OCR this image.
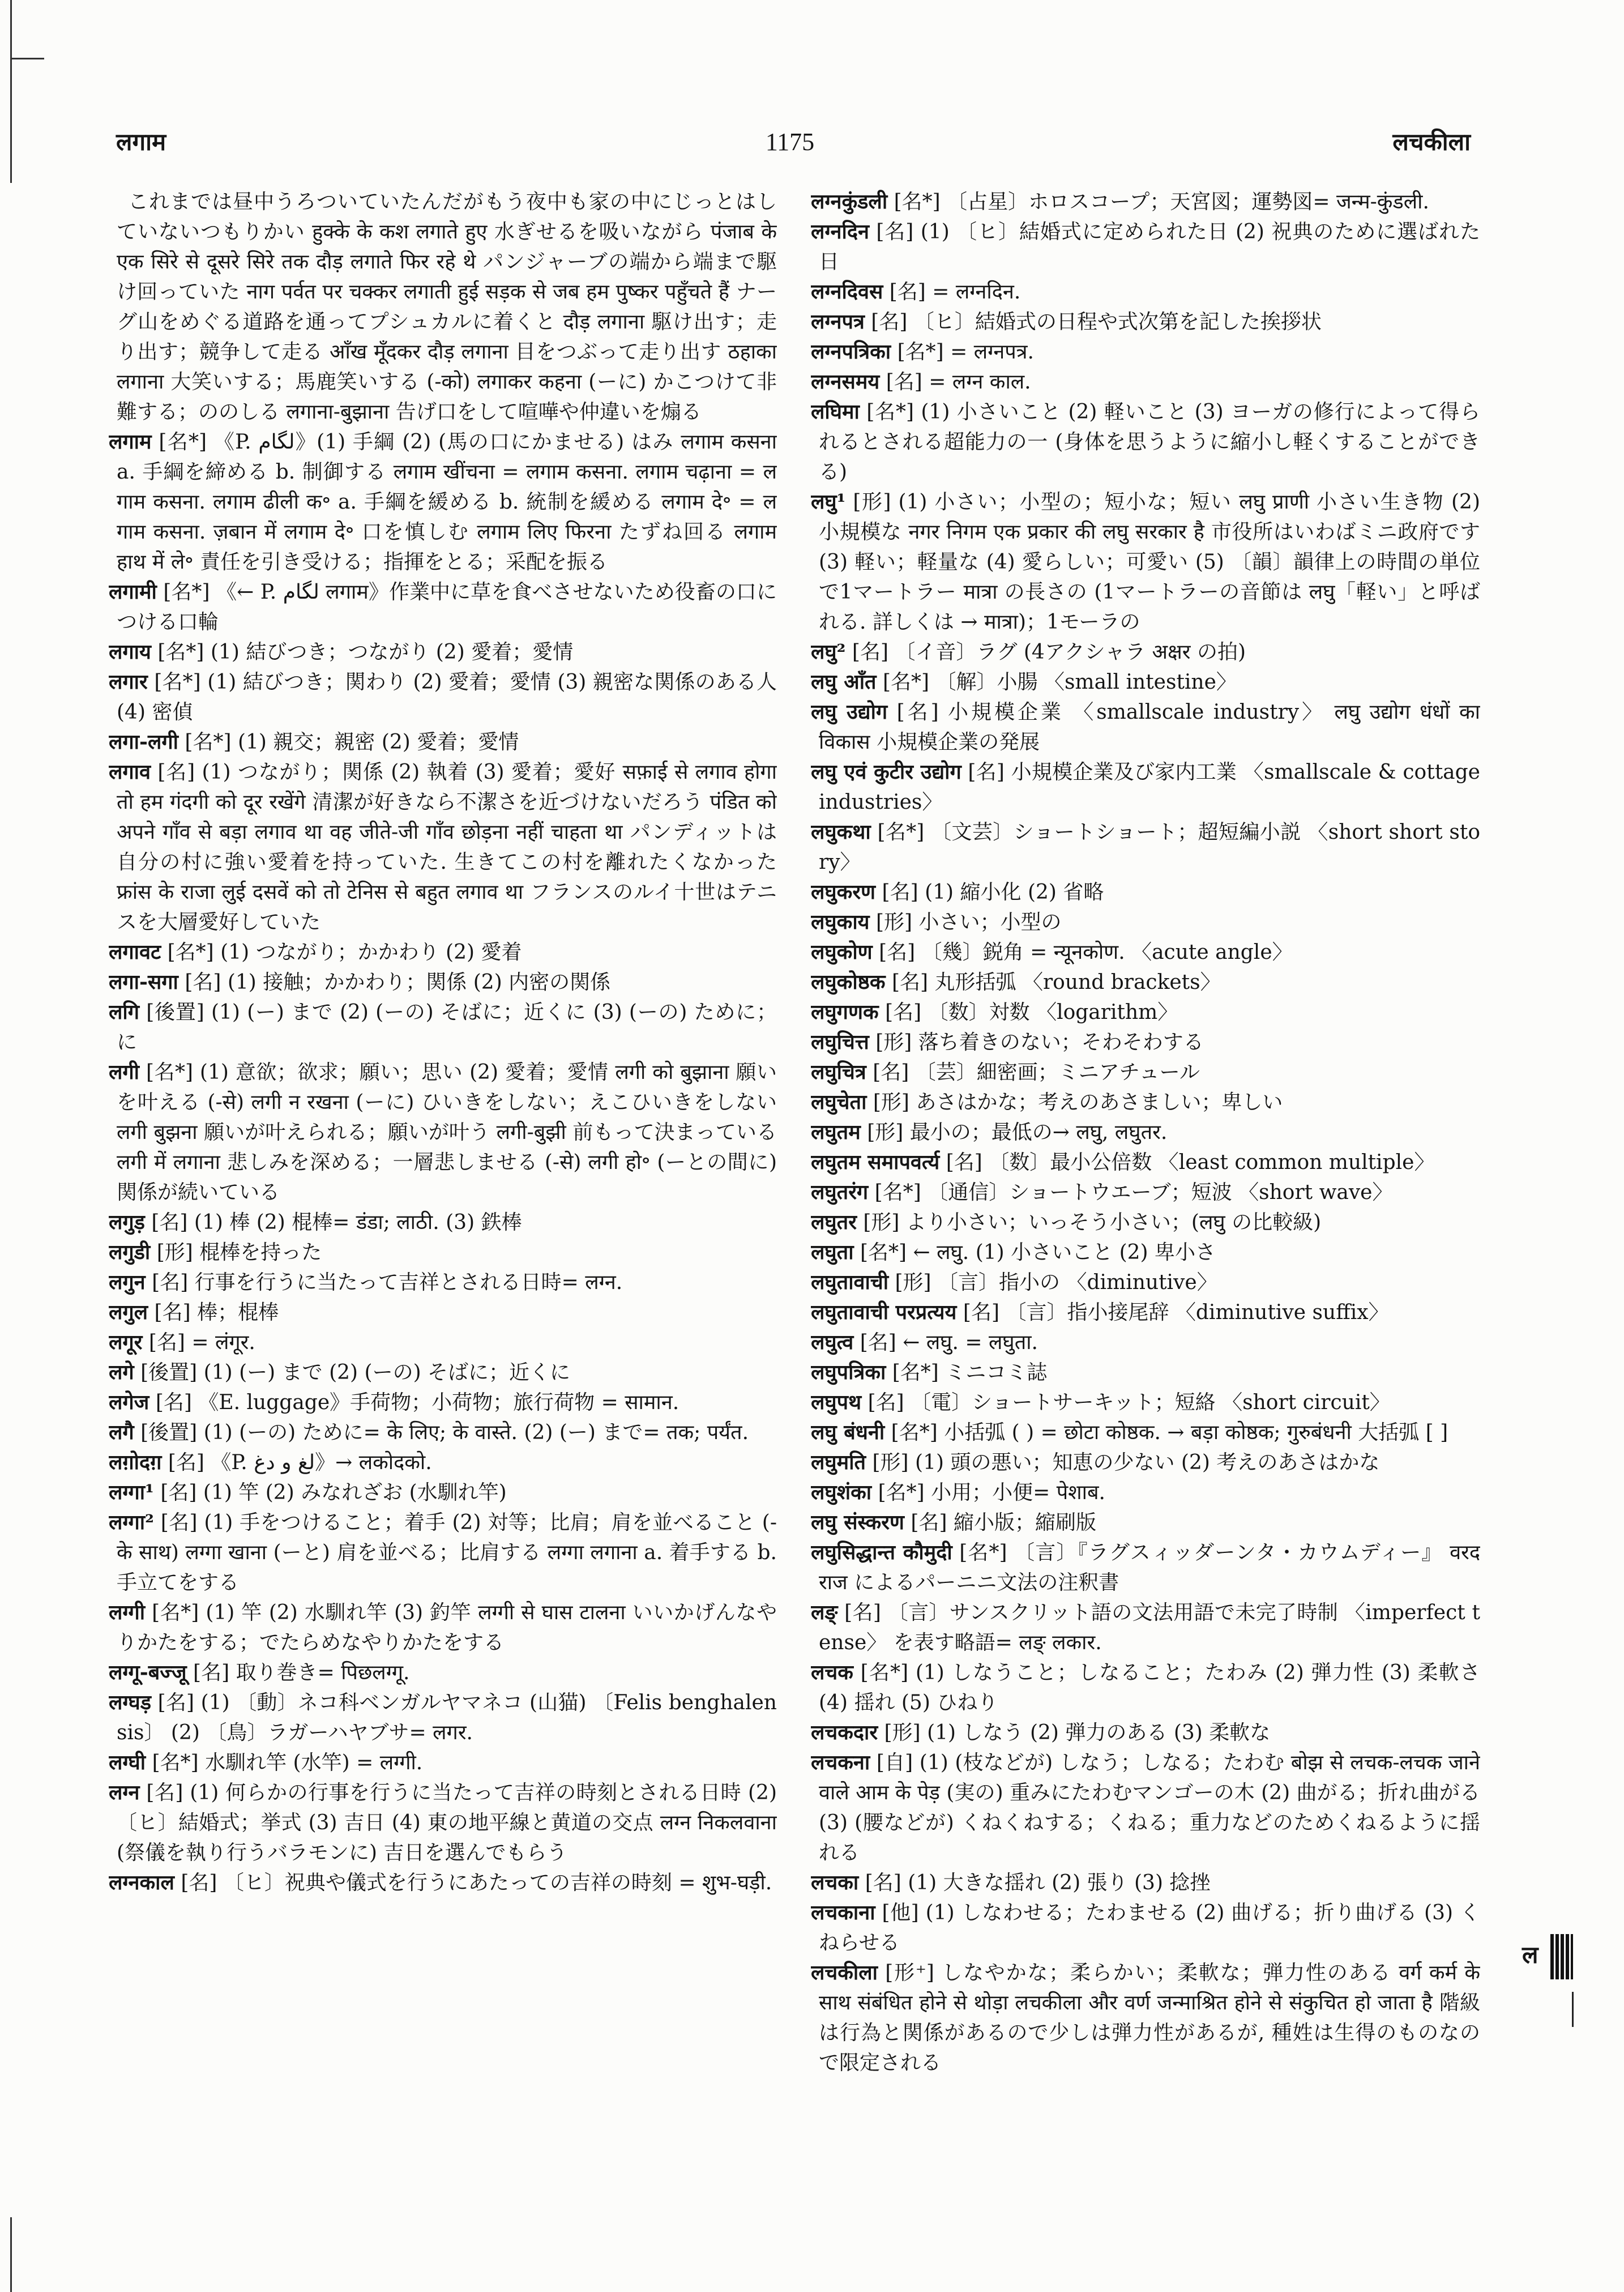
लगाम	1175	लचकीला

これまでは昼中うろついていたんだがもう夜中も家の中にじっとはしていないつもりかい हुक्के के कश लगाते हुए 水ぎせるを吸いながら पंजाब के एक सिरे से दूसरे सिरे तक दौड़ लगाते फिर रहे थे パンジャーブの端から端まで駆け回っていた नाग पर्वत पर चक्कर लगाती हुई सड़क से जब हम पुष्कर पहुँचते हैं ナーグ山をめぐる道路を通ってプシュカルに着くと दौड़ लगाना 駆け出す；走り出す；競争して走る आँख मूँदकर दौड़ लगाना 目をつぶって走り出す ठहाका लगाना 大笑いする；馬鹿笑いする (-को) लगाकर कहना (ーに) かこつけて非難する；ののしる लगाना-बुझाना 告げ口をして喧嘩や仲違いを煽る

लगाम [名*] 《P. لگام》(1) 手綱 (2) (馬の口にかませる) はみ लगाम कसना a. 手綱を締める b. 制御する लगाम खींचना = लगाम कसना. लगाम चढ़ाना = लगाम कसना. लगाम ढीली क॰ a. 手綱を緩める b. 統制を緩める लगाम दे॰ = लगाम कसना. ज़बान में लगाम दे॰ 口を慎しむ लगाम लिए फिरना たずね回る लगाम हाथ में ले॰ 責任を引き受ける；指揮をとる；采配を振る

लगामी [名*] 《← P. لگام लगाम》作業中に草を食べさせないため役畜の口につける口輪

लगाय [名*] (1) 結びつき；つながり (2) 愛着；愛情

लगार [名*] (1) 結びつき；関わり (2) 愛着；愛情 (3) 親密な関係のある人 (4) 密偵

लगा-लगी [名*] (1) 親交；親密 (2) 愛着；愛情

लगाव [名] (1) つながり；関係 (2) 執着 (3) 愛着；愛好 सफ़ाई से लगाव होगा तो हम गंदगी को दूर रखेंगे 清潔が好きなら不潔さを近づけないだろう पंडित को अपने गाँव से बड़ा लगाव था वह जीते-जी गाँव छोड़ना नहीं चाहता था パンディットは自分の村に強い愛着を持っていた. 生きてこの村を離れたくなかった फ्रांस के राजा लुई दसवें को तो टेनिस से बहुत लगाव था フランスのルイ十世はテニスを大層愛好していた

लगावट [名*] (1) つながり；かかわり (2) 愛着

लगा-सगा [名] (1) 接触；かかわり；関係 (2) 内密の関係

लगि [後置] (1) (ー) まで (2) (ーの) そばに；近くに (3) (ーの) ために；に

लगी [名*] (1) 意欲；欲求；願い；思い (2) 愛着；愛情 लगी को बुझाना 願いを叶える (-से) लगी न रखना (ーに) ひいきをしない；えこひいきをしない लगी बुझना 願いが叶えられる；願いが叶う लगी-बुझी 前もって決まっている लगी में लगाना 悲しみを深める；一層悲しませる (-से) लगी हो॰ (ーとの間に) 関係が続いている

लगुड़ [名] (1) 棒 (2) 棍棒= डंडा; लाठी. (3) 鉄棒

लगुडी [形] 棍棒を持った

लगुन [名] 行事を行うに当たって吉祥とされる日時= लग्न.

लगुल [名] 棒；棍棒

लगूर [名] = लंगूर.

लगे [後置] (1) (ー) まで (2) (ーの) そばに；近くに

लगेज [名] 《E. luggage》手荷物；小荷物；旅行荷物 = सामान.

लगै [後置] (1) (ーの) ために= के लिए; के वास्ते. (2) (ー) まで= तक; पर्यंत.

लग़ोदग़ [名] 《P. لغ و دغ》→ लकोदको.

लग्गा¹ [名] (1) 竿 (2) みなれざお (水馴れ竿)

लग्गा² [名] (1) 手をつけること；着手 (2) 対等；比肩；肩を並べること (-के साथ) लग्गा खाना (ーと) 肩を並べる；比肩する लग्गा लगाना a. 着手する b. 手立てをする

लग्गी [名*] (1) 竿 (2) 水馴れ竿 (3) 釣竿 लग्गी से घास टालना いいかげんなやりかたをする；でたらめなやりかたをする

लग्गू-बज्जू [名] 取り巻き= पिछलग्गू.

लग्घड़ [名] (1) 〔動〕ネコ科ベンガルヤマネコ (山猫) 〔Felis benghalensis〕 (2) 〔鳥〕ラガーハヤブサ= लगर.

लग्घी [名*] 水馴れ竿 (水竿) = लग्गी.

लग्न [名] (1) 何らかの行事を行うに当たって吉祥の時刻とされる日時 (2) 〔ヒ〕結婚式；挙式 (3) 吉日 (4) 東の地平線と黄道の交点 लग्न निकलवाना (祭儀を執り行うバラモンに) 吉日を選んでもらう

लग्नकाल [名] 〔ヒ〕祝典や儀式を行うにあたっての吉祥の時刻 = शुभ-घड़ी.

लग्नकुंडली [名*] 〔占星〕ホロスコープ；天宮図；運勢図= जन्म-कुंडली.

लग्नदिन [名] (1) 〔ヒ〕結婚式に定められた日 (2) 祝典のために選ばれた日

लग्नदिवस [名] = लग्नदिन.

लग्नपत्र [名] 〔ヒ〕結婚式の日程や式次第を記した挨拶状

लग्नपत्रिका [名*] = लग्नपत्र.

लग्नसमय [名] = लग्न काल.

लघिमा [名*] (1) 小さいこと (2) 軽いこと (3) ヨーガの修行によって得られるとされる超能力の一 (身体を思うように縮小し軽くすることができる)

लघु¹ [形] (1) 小さい；小型の；短小な；短い लघु प्राणी 小さい生き物 (2) 小規模な नगर निगम एक प्रकार की लघु सरकार है 市役所はいわばミニ政府です (3) 軽い；軽量な (4) 愛らしい；可愛い (5) 〔韻〕韻律上の時間の単位で1マートラー मात्रा の長さの (1マートラーの音節は लघु「軽い」と呼ばれる. 詳しくは → मात्रा)；1モーラの

लघु² [名] 〔イ音〕ラグ (4アクシャラ अक्षर の拍)

लघु आँत [名*] 〔解〕小腸 〈small intestine〉

लघु उद्योग [名] 小規模企業 〈smallscale industry〉 लघु उद्योग धंधों का विकास 小規模企業の発展

लघु एवं कुटीर उद्योग [名] 小規模企業及び家内工業 〈smallscale & cottage industries〉

लघुकथा [名*] 〔文芸〕ショートショート；超短編小説 〈short short story〉

लघुकरण [名] (1) 縮小化 (2) 省略

लघुकाय [形] 小さい；小型の

लघुकोण [名] 〔幾〕鋭角 = न्यूनकोण. 〈acute angle〉

लघुकोष्ठक [名] 丸形括弧 〈round brackets〉

लघुगणक [名] 〔数〕対数 〈logarithm〉

लघुचित्त [形] 落ち着きのない；そわそわする

लघुचित्र [名] 〔芸〕細密画；ミニアチュール

लघुचेता [形] あさはかな；考えのあさましい；卑しい

लघुतम [形] 最小の；最低の→ लघु, लघुतर.

लघुतम समापवर्त्य [名] 〔数〕最小公倍数 〈least common multiple〉

लघुतरंग [名*] 〔通信〕ショートウエーブ；短波 〈short wave〉

लघुतर [形] より小さい；いっそう小さい；(लघु の比較級)

लघुता [名*] ← लघु. (1) 小さいこと (2) 卑小さ

लघुतावाची [形] 〔言〕指小の 〈diminutive〉

लघुतावाची परप्रत्यय [名] 〔言〕指小接尾辞 〈diminutive suffix〉

लघुत्व [名] ← लघु. = लघुता.

लघुपत्रिका [名*] ミニコミ誌

लघुपथ [名] 〔電〕ショートサーキット；短絡 〈short circuit〉

लघु बंधनी [名*] 小括弧 ( ) = छोटा कोष्ठक. → बड़ा कोष्ठक; गुरुबंधनी 大括弧 [ ]

लघुमति [形] (1) 頭の悪い；知恵の少ない (2) 考えのあさはかな

लघुशंका [名*] 小用；小便= पेशाब.

लघु संस्करण [名] 縮小版；縮刷版

लघुसिद्धान्त कौमुदी [名*] 〔言〕『ラグスィッダーンタ・カウムディー』 वरदराज によるパーニニ文法の注釈書

लङ् [名] 〔言〕サンスクリット語の文法用語で未完了時制 〈imperfect tense〉 を表す略語= लङ् लकार.

लचक [名*] (1) しなうこと；しなること；たわみ (2) 弾力性 (3) 柔軟さ (4) 揺れ (5) ひねり

लचकदार [形] (1) しなう (2) 弾力のある (3) 柔軟な

लचकना [自] (1) (枝などが) しなう；しなる；たわむ बोझ से लचक-लचक जाने वाले आम के पेड़ (実の) 重みにたわむマンゴーの木 (2) 曲がる；折れ曲がる (3) (腰などが) くねくねする；くねる；重力などのためくねるように揺れる

लचका [名] (1) 大きな揺れ (2) 張り (3) 捻挫

लचकाना [他] (1) しなわせる；たわませる (2) 曲げる；折り曲げる (3) くねらせる

लचकीला [形⁺] しなやかな；柔らかい；柔軟な；弾力性のある वर्ग कर्म के साथ संबंधित होने से थोड़ा लचकीला और वर्ण जन्माश्रित होने से संकुचित हो जाता है 階級は行為と関係があるので少しは弾力性があるが, 種姓は生得のものなので限定される

ल
